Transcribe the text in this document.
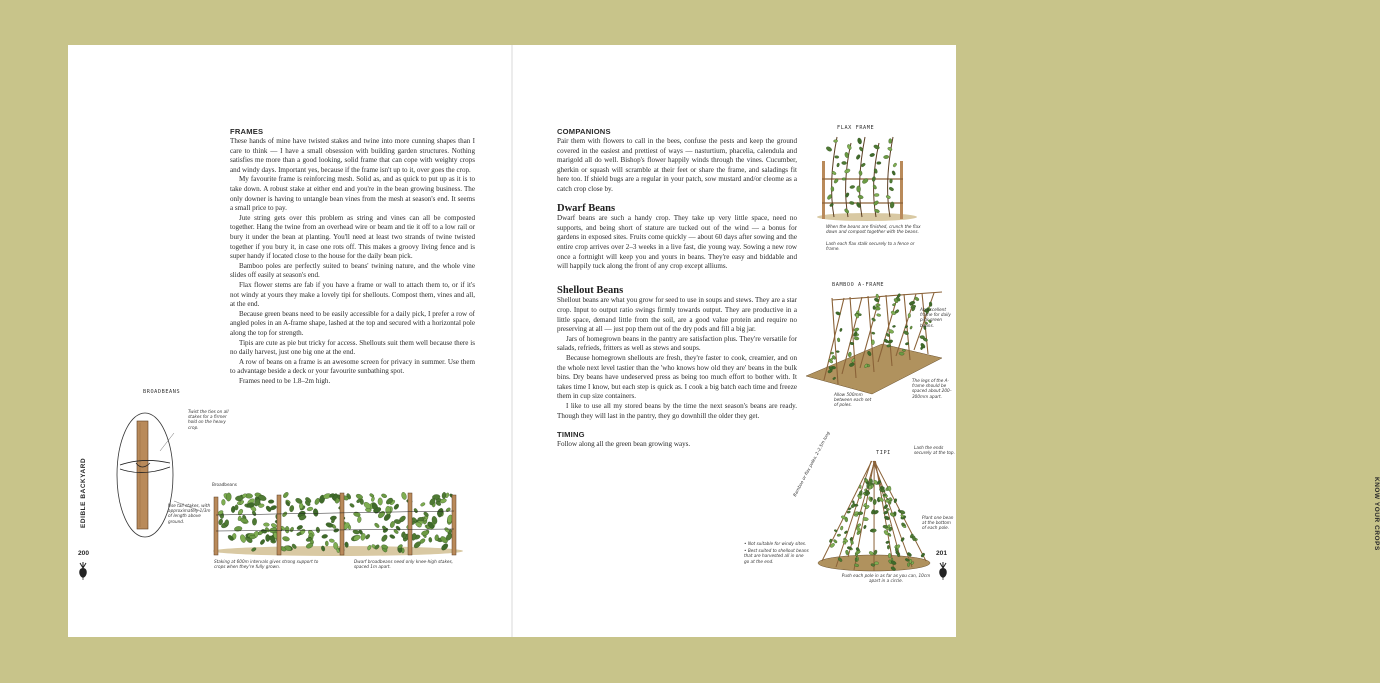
FRAMES

These hands of mine have twisted stakes and twine into more cunning shapes than I care to think — I have a small obsession with building garden structures. Nothing satisfies me more than a good looking, solid frame that can cope with weighty crops and windy days. Important yes, because if the frame isn't up to it, over goes the crop.

My favourite frame is reinforcing mesh. Solid as, and as quick to put up as it is to take down. A robust stake at either end and you're in the bean growing business. The only downer is having to untangle bean vines from the mesh at season's end. It seems a small price to pay.

Jute string gets over this problem as string and vines can all be composted together. Hang the twine from an overhead wire or beam and tie it off to a low rail or bury it under the bean at planting. You'll need at least two strands of twine twisted together if you bury it, in case one rots off. This makes a groovy living fence and is super handy if located close to the house for the daily bean pick.

Bamboo poles are perfectly suited to beans' twining nature, and the whole vine slides off easily at season's end.

Flax flower stems are fab if you have a frame or wall to attach them to, or if it's not windy at yours they make a lovely tipi for shellouts. Compost them, vines and all, at the end.

Because green beans need to be easily accessible for a daily pick, I prefer a row of angled poles in an A-frame shape, lashed at the top and secured with a horizontal pole along the top for strength.

Tipis are cute as pie but tricky for access. Shellouts suit them well because there is no daily harvest, just one big one at the end.

A row of beans on a frame is an awesome screen for privacy in summer. Use them to advantage beside a deck or your favourite sunbathing spot.

Frames need to be 1.8–2m high.

BROADBEANS
Twist the ties on all stakes for a firmer hold on the heavy crop.
Use tall stakes, with approximately 1/3m of length above ground.
Broadbeans
Staking at 600m intervals gives strong support to crops when they're fully grown.
Dwarf broadbeans need only knee-high stakes, spaced 1m apart.
EDIBLE BACKYARD
200
COMPANIONS

Pair them with flowers to call in the bees, confuse the pests and keep the ground covered in the easiest and prettiest of ways — nasturtium, phacelia, calendula and marigold all do well. Bishop's flower happily winds through the vines. Cucumber, gherkin or squash will scramble at their feet or share the frame, and saladings fit here too. If shield bugs are a regular in your patch, sow mustard and/or cleome as a catch crop close by.

Dwarf Beans

Dwarf beans are such a handy crop. They take up very little space, need no supports, and being short of stature are tucked out of the wind — a bonus for gardens in exposed sites. Fruits come quickly — about 60 days after sowing and the entire crop arrives over 2–3 weeks in a live fast, die young way. Sowing a new row once a fortnight will keep you and yours in beans. They're easy and biddable and will happily tuck along the front of any crop except alliums.

Shellout Beans

Shellout beans are what you grow for seed to use in soups and stews. They are a star crop. Input to output ratio swings firmly towards output. They are productive in a little space, demand little from the soil, are a good value protein and require no preserving at all — just pop them out of the dry pods and fill a big jar.

Jars of homegrown beans in the pantry are satisfaction plus. They're versatile for salads, refrieds, fritters as well as stews and soups.

Because homegrown shellouts are fresh, they're faster to cook, creamier, and on the whole next level tastier than the 'who knows how old they are' beans in the bulk bins. Dry beans have undeserved press as being too much effort to bother with. It takes time I know, but each step is quick as. I cook a big batch each time and freeze them in cup size containers.

I like to use all my stored beans by the time the next season's beans are ready. Though they will last in the pantry, they go downhill the older they get.

TIMING

Follow along all the green bean growing ways.

FLAX FRAME
When the beans are finished, crunch the flax down and compost together with the beans.
Lash each flax stalk securely to a fence or frame.
BAMBOO A-FRAME
An excellent frame for daily pick green beans.
The legs of the A-frame should be spaced about 200–300mm apart.
Allow 500mm between each set of poles.
TIPI
Lash the ends securely at the top.
Bamboo or flax poles, 2–2.5m long
Plant one bean at the bottom of each pole.
• Not suitable for windy sites.
• Best suited to shellout beans that are harvested all in one go at the end.
Push each pole in as far as you can, 10cm apart in a circle.
KNOW YOUR CROPS
201
